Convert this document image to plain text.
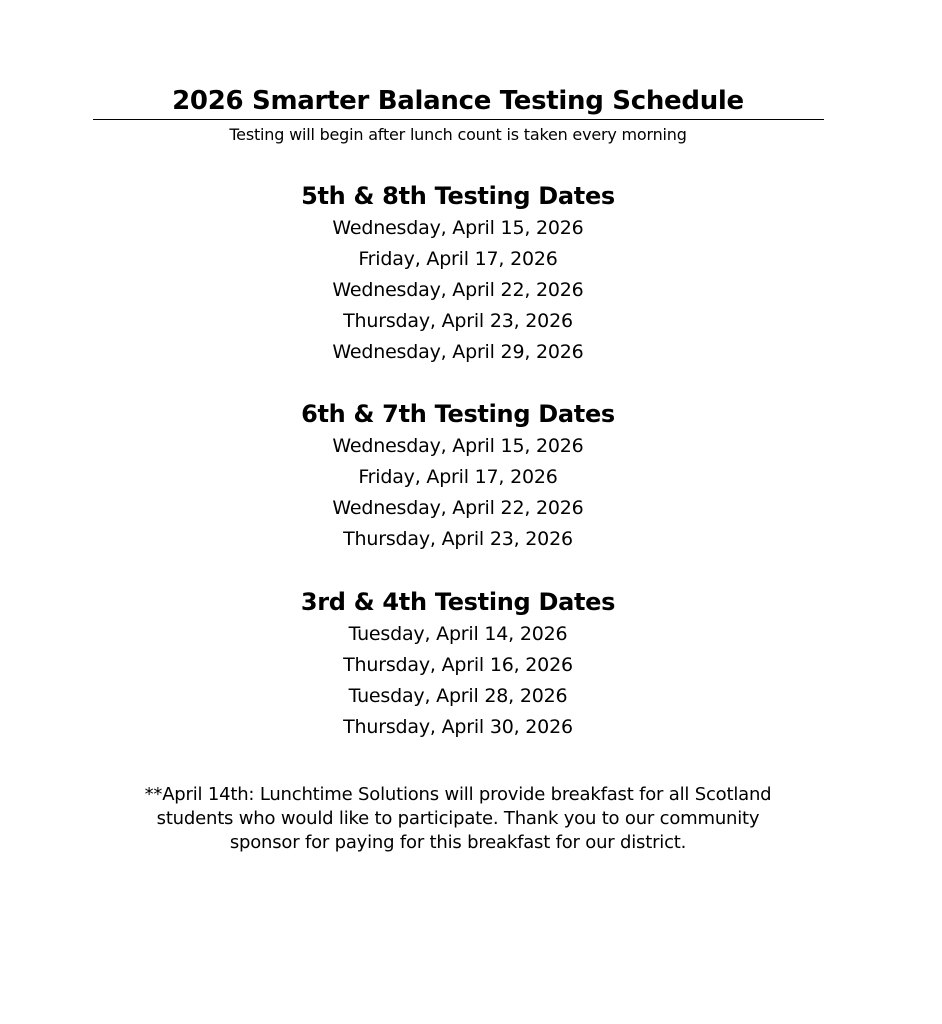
2026 Smarter Balance Testing Schedule
Testing will begin after lunch count is taken every morning
5th & 8th Testing Dates
Wednesday, April 15, 2026
Friday, April 17, 2026
Wednesday, April 22, 2026
Thursday, April 23, 2026
Wednesday, April 29, 2026
6th & 7th Testing Dates
Wednesday, April 15, 2026
Friday, April 17, 2026
Wednesday, April 22, 2026
Thursday, April 23, 2026
3rd & 4th Testing Dates
Tuesday, April 14, 2026
Thursday, April 16, 2026
Tuesday, April 28, 2026
Thursday, April 30, 2026
**April 14th: Lunchtime Solutions will provide breakfast for all Scotland
students who would like to participate. Thank you to our community
sponsor for paying for this breakfast for our district.
